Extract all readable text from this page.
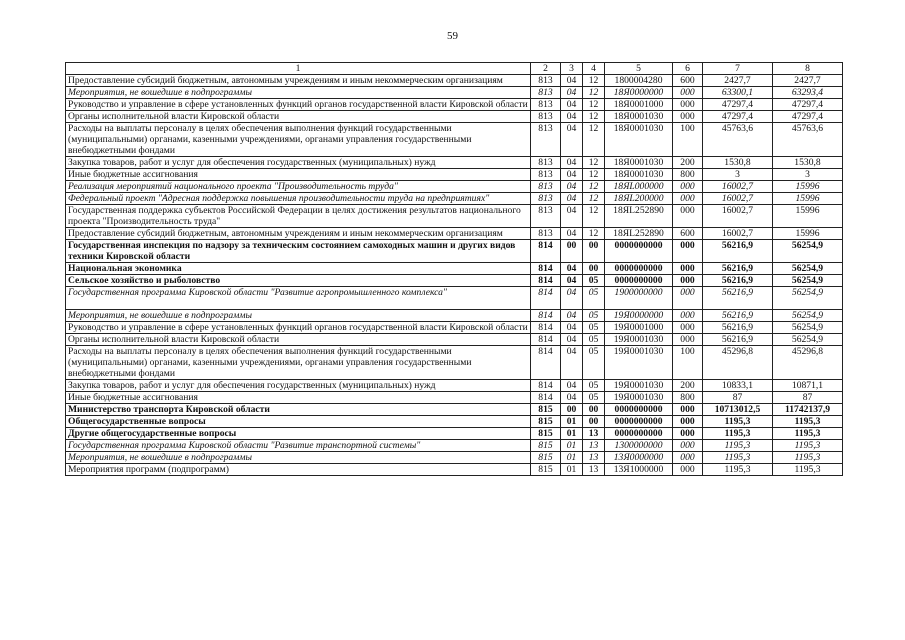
59
1	2	3	4	5	6	7	8
Предоставление субсидий бюджетным, автономным учреждениям и иным некоммерческим организациям	813	04	12	1800004280	600	2427,7	2427,7
Мероприятия, не вошедшие в подпрограммы	813	04	12	18Я0000000	000	63300,1	63293,4
Руководство и управление в сфере установленных функций органов государственной власти Кировской области	813	04	12	18Я0001000	000	47297,4	47297,4
Органы исполнительной власти Кировской области	813	04	12	18Я0001030	000	47297,4	47297,4
Расходы на выплаты персоналу в целях обеспечения выполнения функций государственными (муниципальными) органами, казенными учреждениями, органами управления государственными внебюджетными фондами	813	04	12	18Я0001030	100	45763,6	45763,6
Закупка товаров, работ и услуг для обеспечения государственных (муниципальных) нужд	813	04	12	18Я0001030	200	1530,8	1530,8
Иные бюджетные ассигнования	813	04	12	18Я0001030	800	3	3
Реализация мероприятий национального проекта "Производительность труда"	813	04	12	18ЯL000000	000	16002,7	15996
Федеральный проект "Адресная поддержка повышения производительности труда на предприятиях"	813	04	12	18ЯL200000	000	16002,7	15996
Государственная поддержка субъектов Российской Федерации в целях достижения результатов национального проекта "Производительность труда"	813	04	12	18ЯL252890	000	16002,7	15996
Предоставление субсидий бюджетным, автономным учреждениям и иным некоммерческим организациям	813	04	12	18ЯL252890	600	16002,7	15996
Государственная инспекция по надзору за техническим состоянием самоходных машин и других видов техники Кировской области	814	00	00	0000000000	000	56216,9	56254,9
Национальная экономика	814	04	00	0000000000	000	56216,9	56254,9
Сельское хозяйство и рыболовство	814	04	05	0000000000	000	56216,9	56254,9
Государственная программа Кировской области "Развитие агропромышленного комплекса"	814	04	05	1900000000	000	56216,9	56254,9
Мероприятия, не вошедшие в подпрограммы	814	04	05	19Я0000000	000	56216,9	56254,9
Руководство и управление в сфере установленных функций органов государственной власти Кировской области	814	04	05	19Я0001000	000	56216,9	56254,9
Органы исполнительной власти Кировской области	814	04	05	19Я0001030	000	56216,9	56254,9
Расходы на выплаты персоналу в целях обеспечения выполнения функций государственными (муниципальными) органами, казенными учреждениями, органами управления государственными внебюджетными фондами	814	04	05	19Я0001030	100	45296,8	45296,8
Закупка товаров, работ и услуг для обеспечения государственных (муниципальных) нужд	814	04	05	19Я0001030	200	10833,1	10871,1
Иные бюджетные ассигнования	814	04	05	19Я0001030	800	87	87
Министерство транспорта Кировской области	815	00	00	0000000000	000	10713012,5	11742137,9
Общегосударственные вопросы	815	01	00	0000000000	000	1195,3	1195,3
Другие общегосударственные вопросы	815	01	13	0000000000	000	1195,3	1195,3
Государственная программа Кировской области "Развитие транспортной системы"	815	01	13	1300000000	000	1195,3	1195,3
Мероприятия, не вошедшие в подпрограммы	815	01	13	13Я0000000	000	1195,3	1195,3
Мероприятия программ (подпрограмм)	815	01	13	13Я1000000	000	1195,3	1195,3
